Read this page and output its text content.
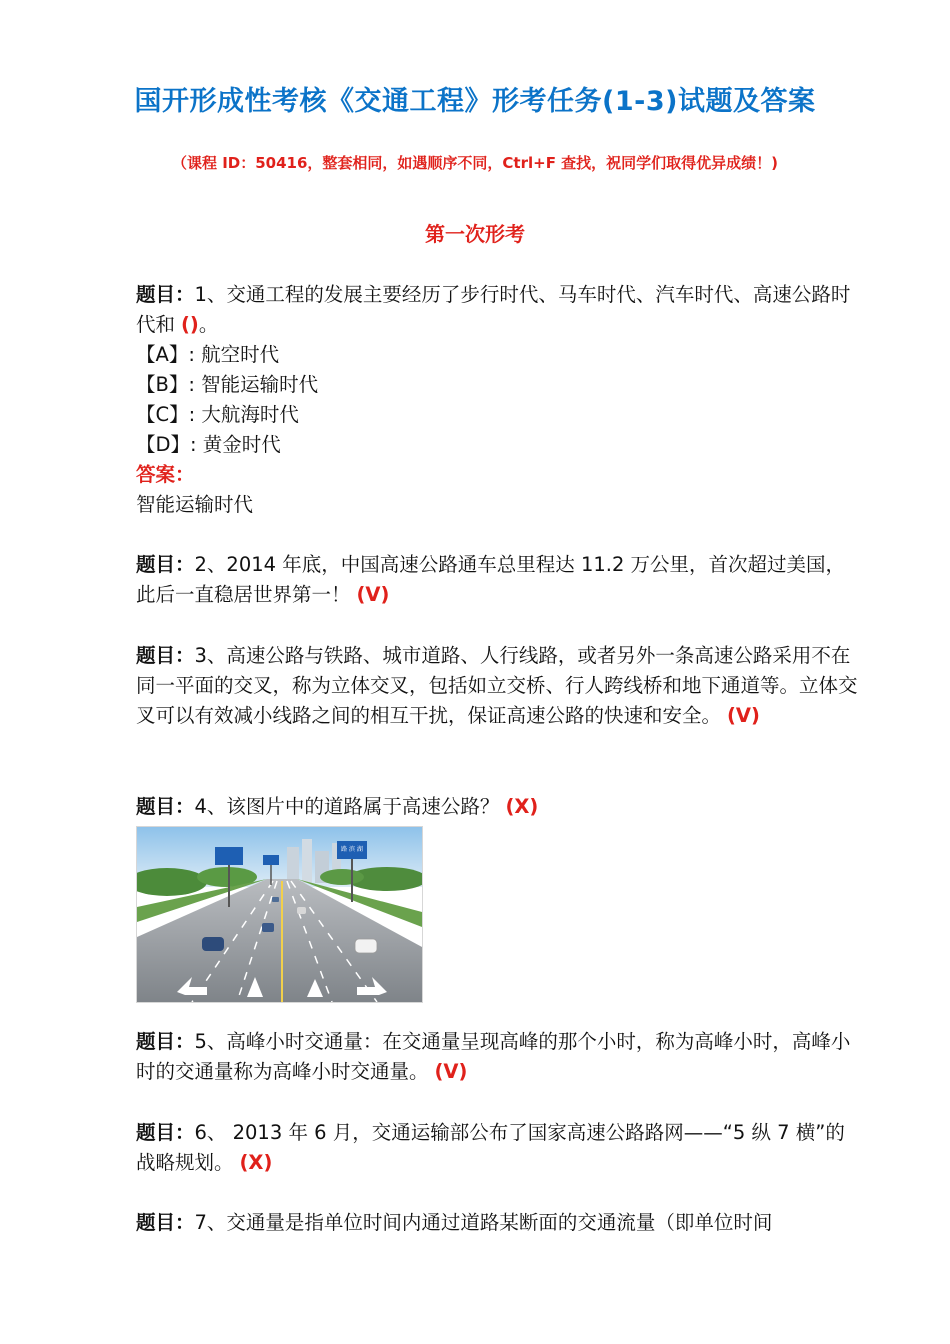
国开形成性考核《交通工程》形考任务(1-3)试题及答案
（课程 ID：50416，整套相同，如遇顺序不同，Ctrl+F 查找，祝同学们取得优异成绩！)
第一次形考
题目：1、交通工程的发展主要经历了步行时代、马车时代、汽车时代、高速公路时代和 ()。
【A】: 航空时代
【B】: 智能运输时代
【C】: 大航海时代
【D】: 黄金时代
答案：
智能运输时代
题目：2、2014 年底，中国高速公路通车总里程达 11.2 万公里，首次超过美国，此后一直稳居世界第一！ (V)
题目：3、高速公路与铁路、城市道路、人行线路，或者另外一条高速公路采用不在同一平面的交叉，称为立体交叉，包括如立交桥、行人跨线桥和地下通道等。立体交叉可以有效减小线路之间的相互干扰，保证高速公路的快速和安全。 (V)
题目：4、该图片中的道路属于高速公路？ (X)
路 滨 湖
题目：5、高峰小时交通量：在交通量呈现高峰的那个小时，称为高峰小时，高峰小时的交通量称为高峰小时交通量。 (V)
题目：6、 2013 年 6 月，交通运输部公布了国家高速公路路网——“5 纵 7 横”的战略规划。 (X)
题目：7、交通量是指单位时间内通过道路某断面的交通流量（即单位时间
